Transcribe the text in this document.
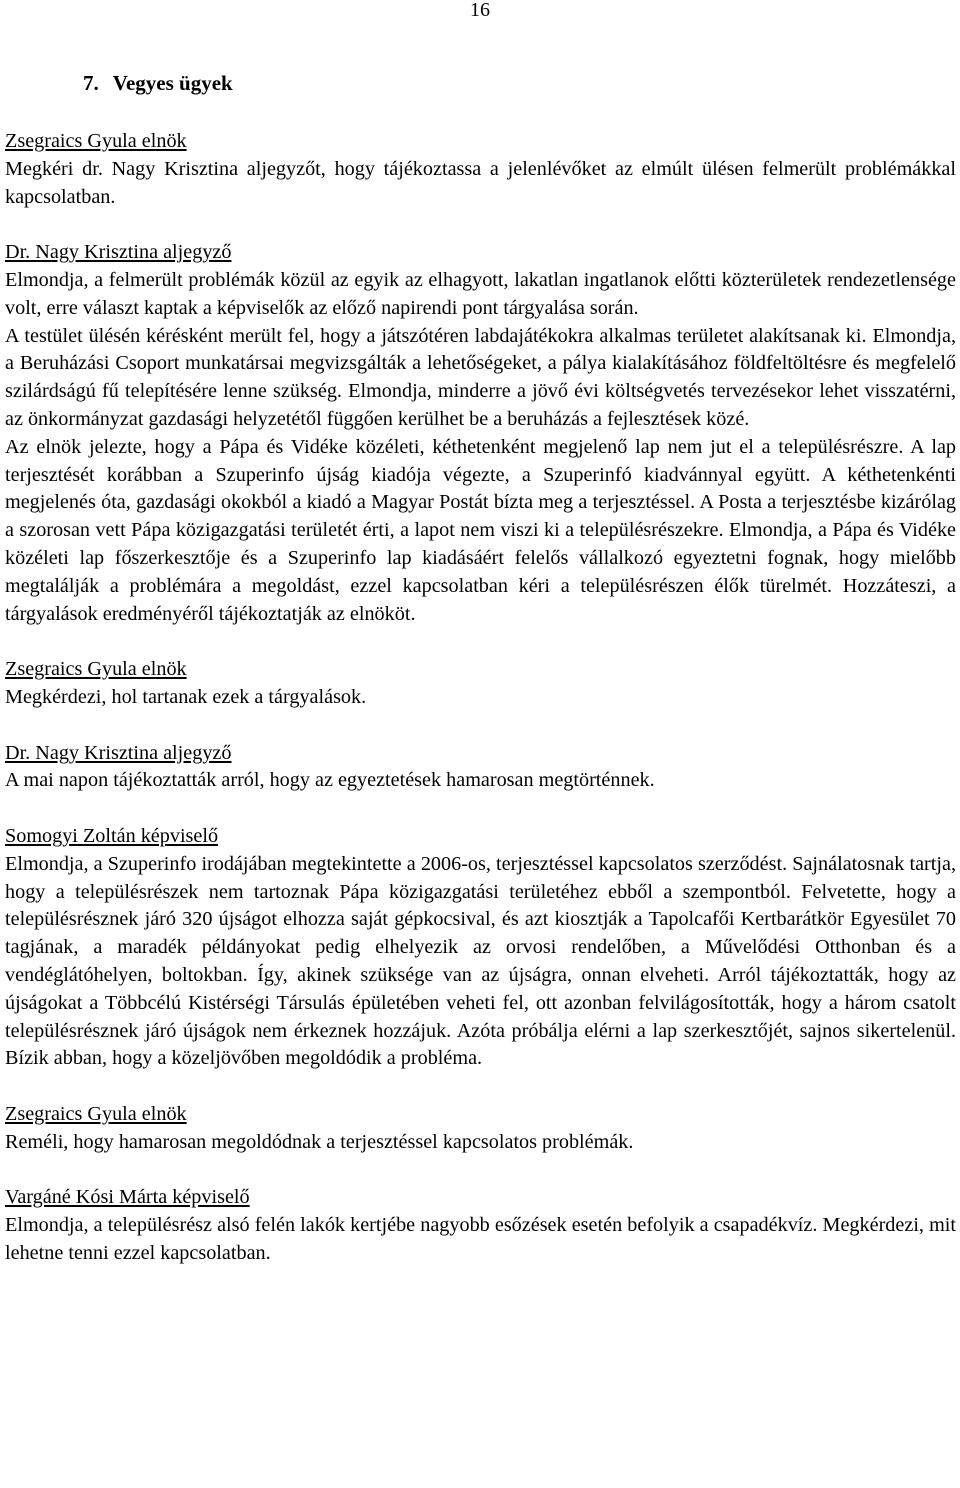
16
7. Vegyes ügyek
Zsegraics Gyula elnök
Megkéri dr. Nagy Krisztina aljegyzőt, hogy tájékoztassa a jelenlévőket az elmúlt ülésen felmerült problémákkal kapcsolatban.
Dr. Nagy Krisztina aljegyző
Elmondja, a felmerült problémák közül az egyik az elhagyott, lakatlan ingatlanok előtti közterületek rendezetlensége volt, erre választ kaptak a képviselők az előző napirendi pont tárgyalása során.
A testület ülésén kérésként merült fel, hogy a játszótéren labdajátékokra alkalmas területet alakítsanak ki. Elmondja, a Beruházási Csoport munkatársai megvizsgálták a lehetőségeket, a pálya kialakításához földfeltöltésre és megfelelő szilárdságú fű telepítésére lenne szükség. Elmondja, minderre a jövő évi költségvetés tervezésekor lehet visszatérni, az önkormányzat gazdasági helyzetétől függően kerülhet be a beruházás a fejlesztések közé.
Az elnök jelezte, hogy a Pápa és Vidéke közéleti, kéthetenként megjelenő lap nem jut el a településrészre. A lap terjesztését korábban a Szuperinfo újság kiadója végezte, a Szuperinfó kiadvánnyal együtt. A kéthetenkénti megjelenés óta, gazdasági okokból a kiadó a Magyar Postát bízta meg a terjesztéssel. A Posta a terjesztésbe kizárólag a szorosan vett Pápa közigazgatási területét érti, a lapot nem viszi ki a településrészekre. Elmondja, a Pápa és Vidéke közéleti lap főszerkesztője és a Szuperinfo lap kiadásáért felelős vállalkozó egyeztetni fognak, hogy mielőbb megtalálják a problémára a megoldást, ezzel kapcsolatban kéri a településrészen élők türelmét. Hozzáteszi, a tárgyalások eredményéről tájékoztatják az elnököt.
Zsegraics Gyula elnök
Megkérdezi, hol tartanak ezek a tárgyalások.
Dr. Nagy Krisztina aljegyző
A mai napon tájékoztatták arról, hogy az egyeztetések hamarosan megtörténnek.
Somogyi Zoltán képviselő
Elmondja, a Szuperinfo irodájában megtekintette a 2006-os, terjesztéssel kapcsolatos szerződést. Sajnálatosnak tartja, hogy a településrészek nem tartoznak Pápa közigazgatási területéhez ebből a szempontból. Felvetette, hogy a településrésznek járó 320 újságot elhozza saját gépkocsival, és azt kiosztják a Tapolcafői Kertbarátkör Egyesület 70 tagjának, a maradék példányokat pedig elhelyezik az orvosi rendelőben, a Művelődési Otthonban és a vendéglátóhelyen, boltokban. Így, akinek szüksége van az újságra, onnan elveheti. Arról tájékoztatták, hogy az újságokat a Többcélú Kistérségi Társulás épületében veheti fel, ott azonban felvilágosították, hogy a három csatolt településrésznek járó újságok nem érkeznek hozzájuk. Azóta próbálja elérni a lap szerkesztőjét, sajnos sikertelenül. Bízik abban, hogy a közeljövőben megoldódik a probléma.
Zsegraics Gyula elnök
Reméli, hogy hamarosan megoldódnak a terjesztéssel kapcsolatos problémák.
Vargáné Kósi Márta képviselő
Elmondja, a településrész alsó felén lakók kertjébe nagyobb esőzések esetén befolyik a csapadékvíz. Megkérdezi, mit lehetne tenni ezzel kapcsolatban.
